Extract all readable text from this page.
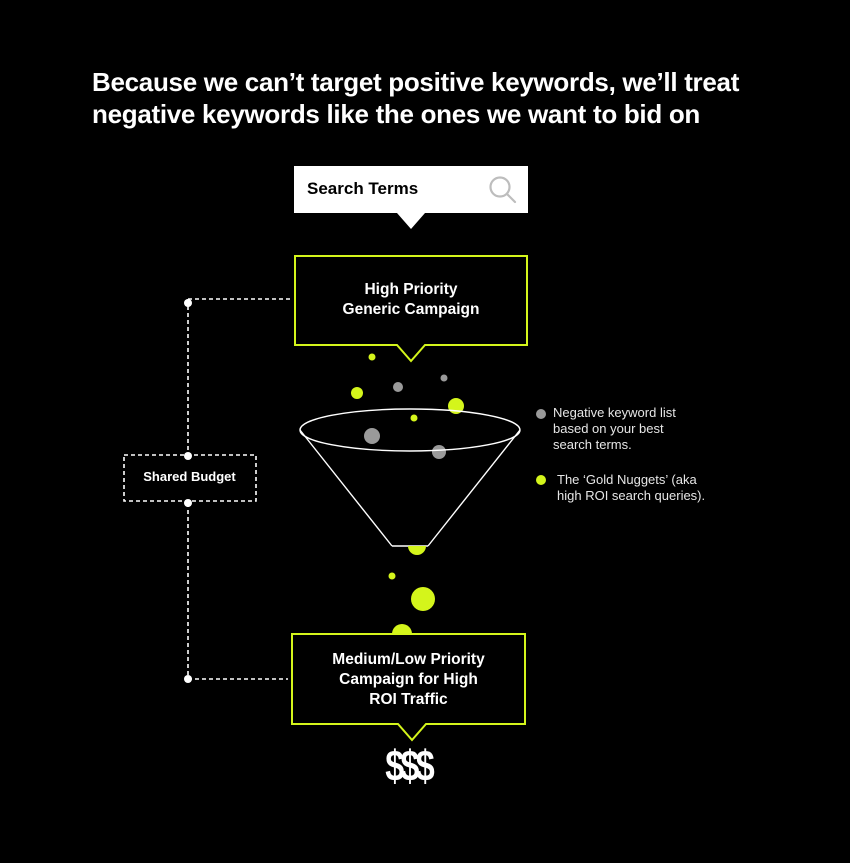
Because we can’t target positive keywords, we’ll treat
negative keywords like the ones we want to bid on
Search Terms
High Priority
Generic Campaign
Shared Budget
Negative keyword list
based on your best
search terms.
The ‘Gold Nuggets’ (aka
high ROI search queries).
Medium/Low Priority
Campaign for High
ROI Traffic
$$$
